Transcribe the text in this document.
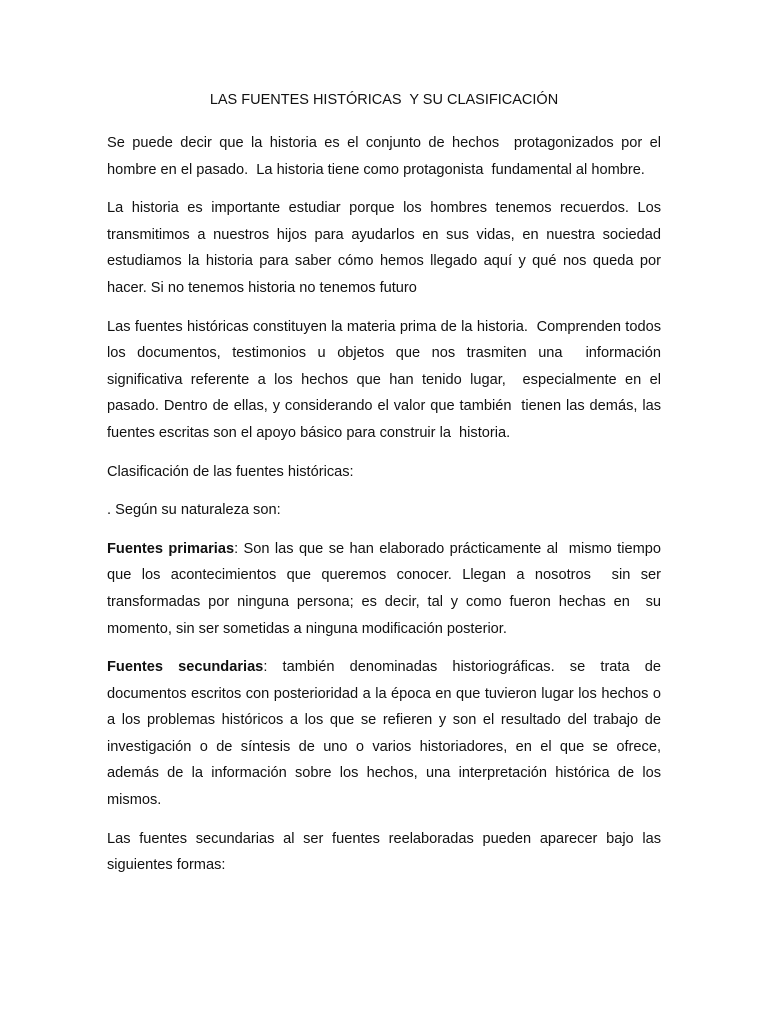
LAS FUENTES HISTÓRICAS  Y SU CLASIFICACIÓN

Se puede decir que la historia es el conjunto de hechos  protagonizados por el hombre en el pasado.  La historia tiene como protagonista  fundamental al hombre.

La historia es importante estudiar porque los hombres tenemos recuerdos. Los transmitimos a nuestros hijos para ayudarlos en sus vidas, en nuestra sociedad estudiamos la historia para saber cómo hemos llegado aquí y qué nos queda por hacer. Si no tenemos historia no tenemos futuro

Las fuentes históricas constituyen la materia prima de la historia.  Comprenden todos los documentos, testimonios u objetos que nos trasmiten una  información significativa referente a los hechos que han tenido lugar,  especialmente en el pasado. Dentro de ellas, y considerando el valor que también  tienen las demás, las fuentes escritas son el apoyo básico para construir la  historia.

Clasificación de las fuentes históricas:

. Según su naturaleza son:

Fuentes primarias: Son las que se han elaborado prácticamente al  mismo tiempo que los acontecimientos que queremos conocer. Llegan a nosotros  sin ser transformadas por ninguna persona; es decir, tal y como fueron hechas en  su momento, sin ser sometidas a ninguna modificación posterior.

Fuentes secundarias: también denominadas historiográficas. se trata de documentos escritos con posterioridad a la época en que tuvieron lugar los hechos o a los problemas históricos a los que se refieren y son el resultado del trabajo de investigación o de síntesis de uno o varios historiadores, en el que se ofrece, además de la información sobre los hechos, una interpretación histórica de los mismos.

Las fuentes secundarias al ser fuentes reelaboradas pueden aparecer bajo las siguientes formas:
